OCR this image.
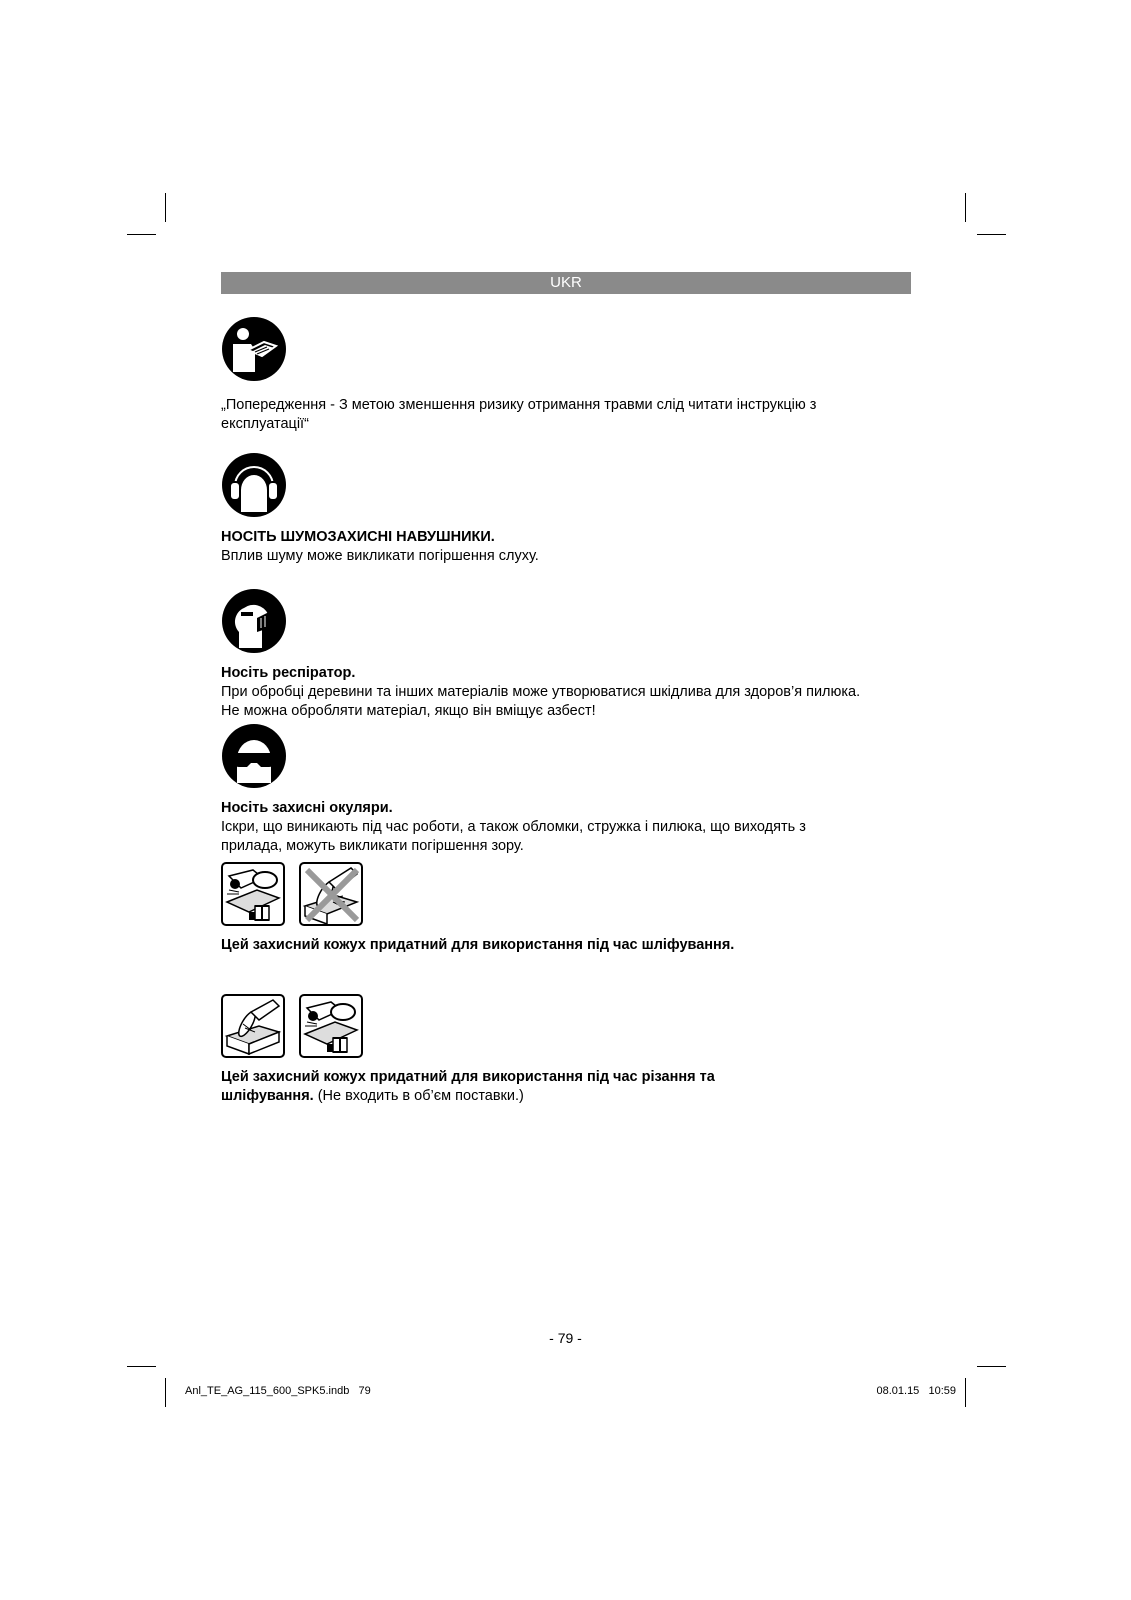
UKR

„Попередження - З метою зменшення ризику отримання травми слід читати інструкцію з експлуатації“

НОСІТЬ ШУМОЗАХИСНІ НАВУШНИКИ.

Вплив шуму може викликати погіршення слуху.

Носіть респіратор.

При обробці деревини та інших матеріалів може утворюватися шкідлива для здоров’я пилюка. Не можна обробляти матеріал, якщо він вміщує азбест!

Носіть захисні окуляри.

Іскри, що виникають під час роботи, а також обломки, стружка і пилюка, що виходять з прилада, можуть викликати погіршення зору.

Цей захисний кожух придатний для використання під час шліфування.

Цей захисний кожух придатний для використання під час різання та шліфування. (Не входить в об’єм поставки.)

- 79 -
Anl_TE_AG_115_600_SPK5.indb   79	08.01.15   10:59
